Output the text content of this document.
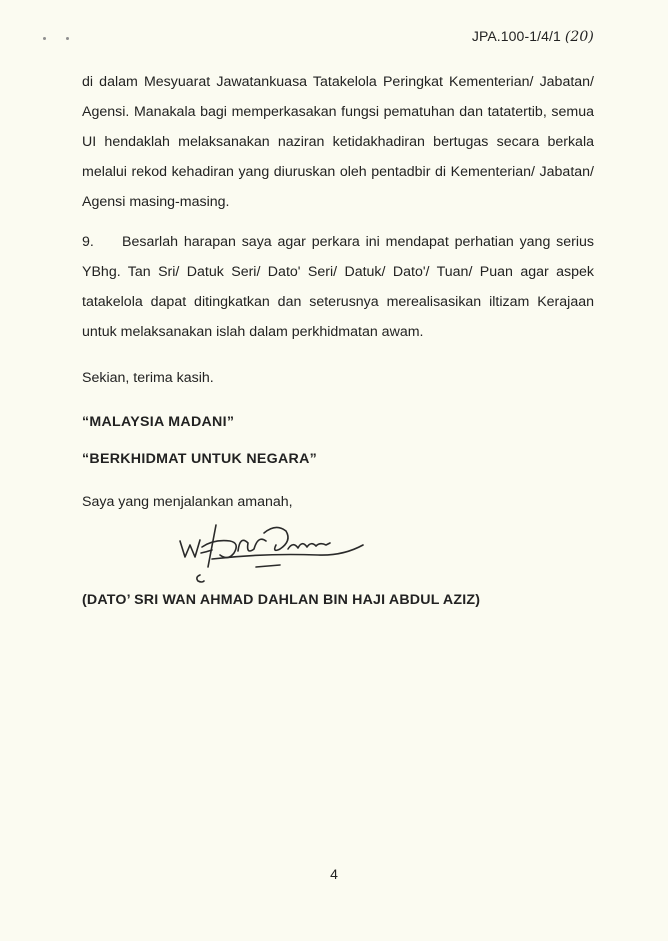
JPA.100-1/4/1 (20)
di dalam Mesyuarat Jawatankuasa Tatakelola Peringkat Kementerian/ Jabatan/ Agensi. Manakala bagi memperkasakan fungsi pematuhan dan tatatertib, semua UI hendaklah melaksanakan naziran ketidakhadiran bertugas secara berkala melalui rekod kehadiran yang diuruskan oleh pentadbir di Kementerian/ Jabatan/ Agensi masing-masing.
9. Besarlah harapan saya agar perkara ini mendapat perhatian yang serius YBhg. Tan Sri/ Datuk Seri/ Dato' Seri/ Datuk/ Dato'/ Tuan/ Puan agar aspek tatakelola dapat ditingkatkan dan seterusnya merealisasikan iltizam Kerajaan untuk melaksanakan islah dalam perkhidmatan awam.
Sekian, terima kasih.
“MALAYSIA MADANI”
“BERKHIDMAT UNTUK NEGARA”
Saya yang menjalankan amanah,
(DATO’ SRI WAN AHMAD DAHLAN BIN HAJI ABDUL AZIZ)
4
